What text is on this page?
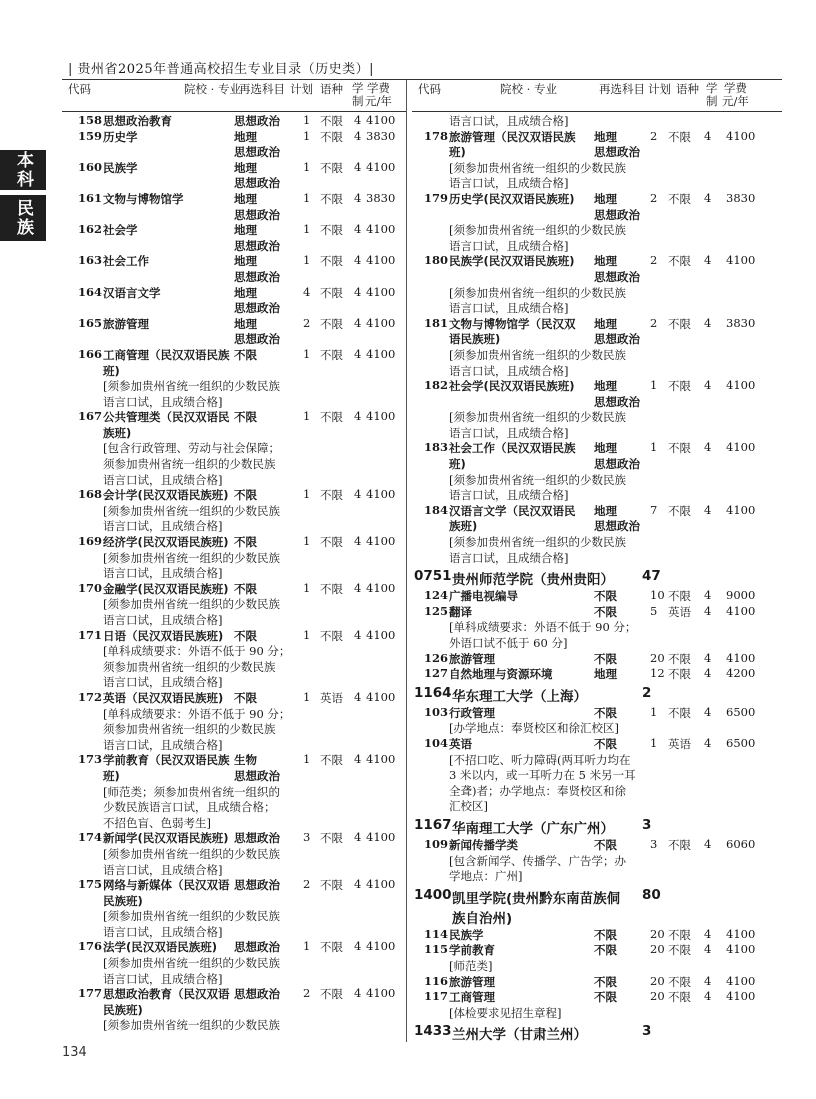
| 贵州省2025年普通高校招生专业目录（历史类）|
代码	院校 · 专业
再选科目 计划 语种 学
制
学费
元/年
代码	院校 · 专业	再选科目 计划 语种 学
制
学费
元/年
本科
民族
158 思想政治教育	思想政治 1 不限 4 4100
159 历史学	地理	1 不限 4 3830
思想政治
160 民族学	地理	1 不限 4 4100
思想政治
161 文物与博物馆学	地理	1 不限 4 3830
思想政治
162 社会学	地理	1 不限 4 4100
思想政治
163 社会工作	地理	1 不限 4 4100
思想政治
164 汉语言文学	地理	4 不限 4 4100
思想政治
165 旅游管理	地理	2 不限 4 4100
思想政治
166 工商管理（民汉双语民族 不限	1 不限 4 4100
班)
[须参加贵州省统一组织的少数民族
语言口试，且成绩合格]
167 公共管理类（民汉双语民 不限	1 不限 4 4100
族班)
[包含行政管理、劳动与社会保障；
须参加贵州省统一组织的少数民族
语言口试，且成绩合格]
168 会计学(民汉双语民族班) 不限	1 不限 4 4100
[须参加贵州省统一组织的少数民族
语言口试，且成绩合格]
169 经济学(民汉双语民族班) 不限	1 不限 4 4100
[须参加贵州省统一组织的少数民族
语言口试，且成绩合格]
170 金融学(民汉双语民族班) 不限	1 不限 4 4100
[须参加贵州省统一组织的少数民族
语言口试，且成绩合格]
171 日语（民汉双语民族班) 不限	1 不限 4 4100
[单科成绩要求：外语不低于 90 分；
须参加贵州省统一组织的少数民族
语言口试，且成绩合格]
172 英语（民汉双语民族班) 不限	1 英语 4 4100
[单科成绩要求：外语不低于 90 分；
须参加贵州省统一组织的少数民族
语言口试，且成绩合格]
173 学前教育（民汉双语民族 生物	1 不限 4 4100
班)	思想政治
[师范类；须参加贵州省统一组织的
少数民族语言口试，且成绩合格；
不招色盲、色弱考生]
174 新闻学(民汉双语民族班) 思想政治 3 不限 4 4100
[须参加贵州省统一组织的少数民族
语言口试，且成绩合格]
175 网络与新媒体（民汉双语 思想政治 2 不限 4 4100
民族班)
[须参加贵州省统一组织的少数民族
语言口试，且成绩合格]
176 法学(民汉双语民族班) 思想政治 1 不限 4 4100
[须参加贵州省统一组织的少数民族
语言口试，且成绩合格]
177 思想政治教育（民汉双语 思想政治 2 不限 4 4100
民族班)
[须参加贵州省统一组织的少数民族
语言口试，且成绩合格]
178 旅游管理（民汉双语民族 地理	2 不限 4 4100
班)	思想政治
[须参加贵州省统一组织的少数民族
语言口试，且成绩合格]
179 历史学(民汉双语民族班) 地理	2 不限 4 3830
思想政治
[须参加贵州省统一组织的少数民族
语言口试，且成绩合格]
180 民族学(民汉双语民族班) 地理	2 不限 4 4100
思想政治
[须参加贵州省统一组织的少数民族
语言口试，且成绩合格]
181 文物与博物馆学（民汉双 地理	2 不限 4 3830
语民族班)	思想政治
[须参加贵州省统一组织的少数民族
语言口试，且成绩合格]
182 社会学(民汉双语民族班) 地理	1 不限 4 4100
思想政治
[须参加贵州省统一组织的少数民族
语言口试，且成绩合格]
183 社会工作（民汉双语民族 地理	1 不限 4 4100
班)	思想政治
[须参加贵州省统一组织的少数民族
语言口试，且成绩合格]
184 汉语言文学（民汉双语民 地理	7 不限 4 4100
族班)	思想政治
[须参加贵州省统一组织的少数民族
语言口试，且成绩合格]
0751 贵州师范学院（贵州贵阳） 47
124 广播电视编导	不限	10 不限 4 9000
125 翻译	不限	5 英语 4 4100
[单科成绩要求：外语不低于 90 分；
外语口试不低于 60 分]
126 旅游管理	不限	20 不限 4 4100
127 自然地理与资源环境	地理	12 不限 4 4200
1164 华东理工大学（上海）	2
103 行政管理	不限	1 不限 4 6500
[办学地点：奉贤校区和徐汇校区]
104 英语	不限	1 英语 4 6500
[不招口吃、听力障碍(两耳听力均在
3 米以内，或一耳听力在 5 米另一耳
全聋)者；办学地点：奉贤校区和徐
汇校区]
1167 华南理工大学（广东广州） 3
109 新闻传播学类	不限	3 不限 4 6060
[包含新闻学、传播学、广告学；办
学地点：广州]
1400 凯里学院(贵州黔东南苗族侗 80
族自治州)
114 民族学	不限	20 不限 4 4100
115 学前教育	不限	20 不限 4 4100
[师范类]
116 旅游管理	不限	20 不限 4 4100
117 工商管理	不限	20 不限 4 4100
[体检要求见招生章程]
1433 兰州大学（甘肃兰州）	3
134
